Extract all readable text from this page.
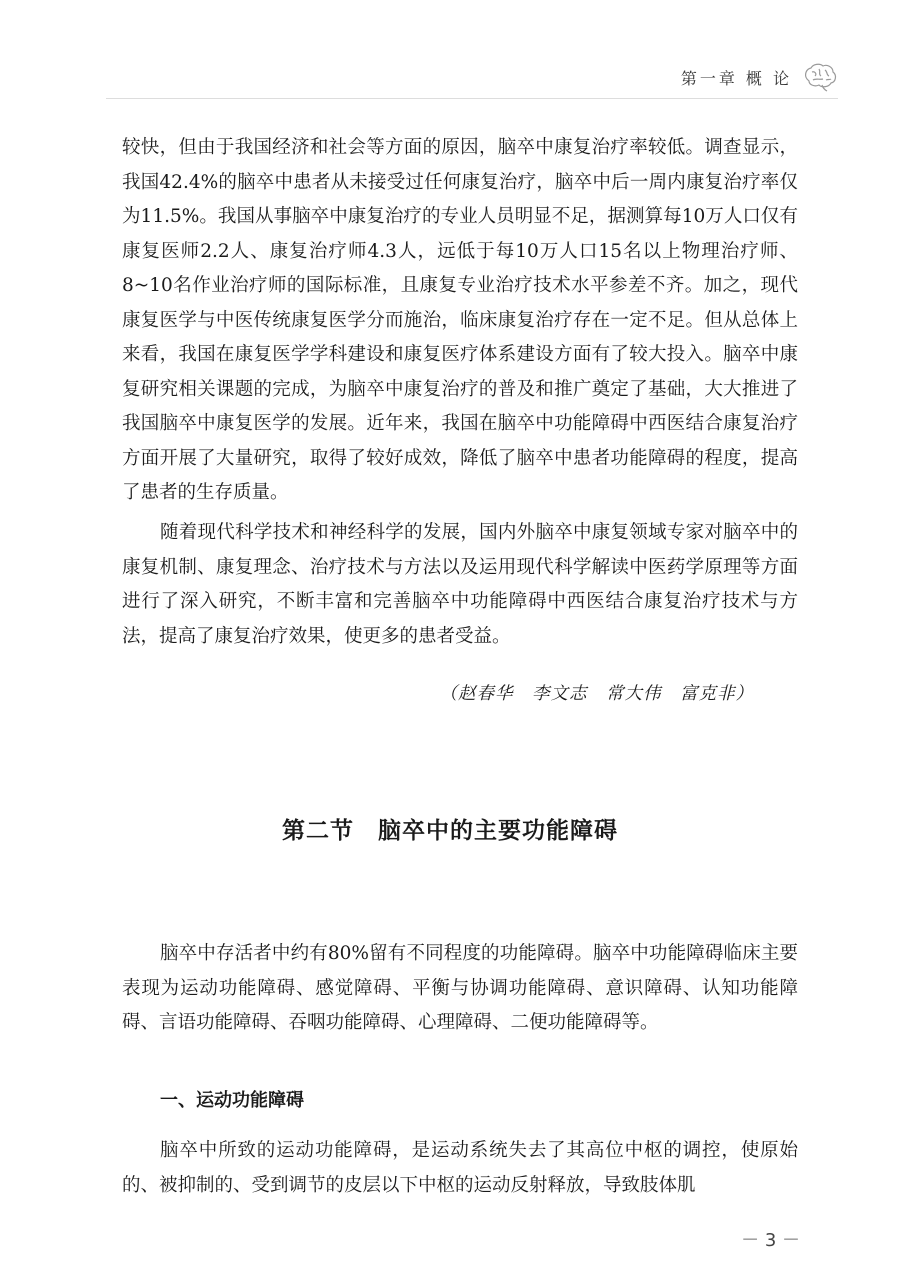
第一章 概 论

较快，但由于我国经济和社会等方面的原因，脑卒中康复治疗率较低。调查显示，我国42.4%的脑卒中患者从未接受过任何康复治疗，脑卒中后一周内康复治疗率仅为11.5%。我国从事脑卒中康复治疗的专业人员明显不足，据测算每10万人口仅有康复医师2.2人、康复治疗师4.3人，远低于每10万人口15名以上物理治疗师、8~10名作业治疗师的国际标准，且康复专业治疗技术水平参差不齐。加之，现代康复医学与中医传统康复医学分而施治，临床康复治疗存在一定不足。但从总体上来看，我国在康复医学学科建设和康复医疗体系建设方面有了较大投入。脑卒中康复研究相关课题的完成，为脑卒中康复治疗的普及和推广奠定了基础，大大推进了我国脑卒中康复医学的发展。近年来，我国在脑卒中功能障碍中西医结合康复治疗方面开展了大量研究，取得了较好成效，降低了脑卒中患者功能障碍的程度，提高了患者的生存质量。

随着现代科学技术和神经科学的发展，国内外脑卒中康复领域专家对脑卒中的康复机制、康复理念、治疗技术与方法以及运用现代科学解读中医药学原理等方面进行了深入研究，不断丰富和完善脑卒中功能障碍中西医结合康复治疗技术与方法，提高了康复治疗效果，使更多的患者受益。

（赵春华　李文志　常大伟　富克非）
第二节　脑卒中的主要功能障碍

脑卒中存活者中约有80%留有不同程度的功能障碍。脑卒中功能障碍临床主要表现为运动功能障碍、感觉障碍、平衡与协调功能障碍、意识障碍、认知功能障碍、言语功能障碍、吞咽功能障碍、心理障碍、二便功能障碍等。

一、运动功能障碍

脑卒中所致的运动功能障碍，是运动系统失去了其高位中枢的调控，使原始的、被抑制的、受到调节的皮层以下中枢的运动反射释放，导致肢体肌

－ 3 －
